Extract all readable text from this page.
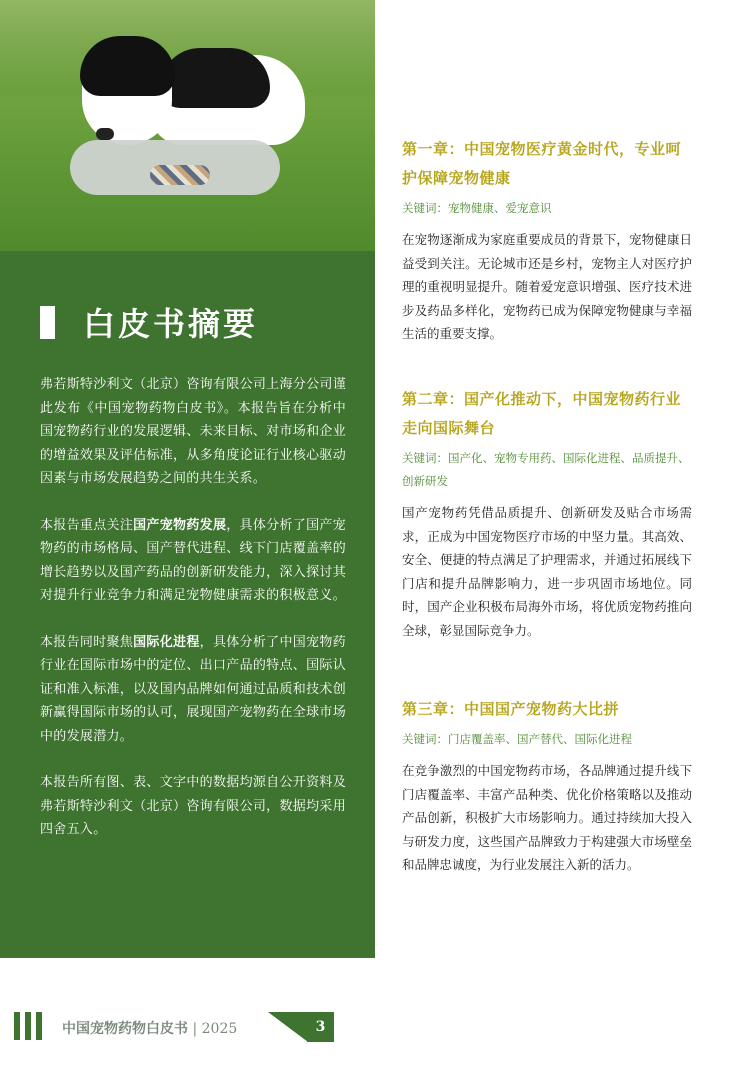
白皮书摘要

弗若斯特沙利文（北京）咨询有限公司上海分公司谨此发布《中国宠物药物白皮书》。本报告旨在分析中国宠物药行业的发展逻辑、未来目标、对市场和企业的增益效果及评估标准，从多角度论证行业核心驱动因素与市场发展趋势之间的共生关系。

本报告重点关注国产宠物药发展，具体分析了国产宠物药的市场格局、国产替代进程、线下门店覆盖率的增长趋势以及国产药品的创新研发能力，深入探讨其对提升行业竞争力和满足宠物健康需求的积极意义。

本报告同时聚焦国际化进程，具体分析了中国宠物药行业在国际市场中的定位、出口产品的特点、国际认证和准入标准，以及国内品牌如何通过品质和技术创新赢得国际市场的认可，展现国产宠物药在全球市场中的发展潜力。

本报告所有图、表、文字中的数据均源自公开资料及弗若斯特沙利文（北京）咨询有限公司，数据均采用四舍五入。

第一章：中国宠物医疗黄金时代，专业呵护保障宠物健康
关键词：宠物健康、爱宠意识
在宠物逐渐成为家庭重要成员的背景下，宠物健康日益受到关注。无论城市还是乡村，宠物主人对医疗护理的重视明显提升。随着爱宠意识增强、医疗技术进步及药品多样化，宠物药已成为保障宠物健康与幸福生活的重要支撑。
第二章：国产化推动下，中国宠物药行业走向国际舞台
关键词：国产化、宠物专用药、国际化进程、品质提升、创新研发
国产宠物药凭借品质提升、创新研发及贴合市场需求，正成为中国宠物医疗市场的中坚力量。其高效、安全、便捷的特点满足了护理需求，并通过拓展线下门店和提升品牌影响力，进一步巩固市场地位。同时，国产企业积极布局海外市场，将优质宠物药推向全球，彰显国际竞争力。
第三章：中国国产宠物药大比拼
关键词：门店覆盖率、国产替代、国际化进程
在竞争激烈的中国宠物药市场，各品牌通过提升线下门店覆盖率、丰富产品种类、优化价格策略以及推动产品创新，积极扩大市场影响力。通过持续加大投入与研发力度，这些国产品牌致力于构建强大市场壁垒和品牌忠诚度，为行业发展注入新的活力。
中国宠物药物白皮书 | 2025	3
